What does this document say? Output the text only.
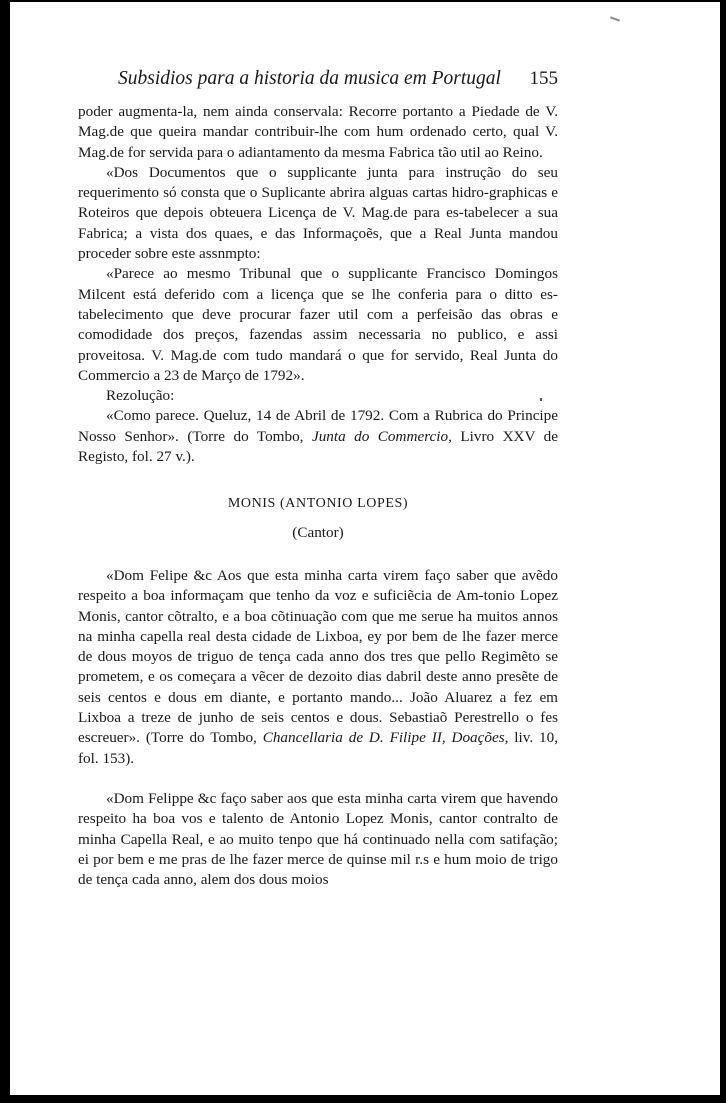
Subsidios para a historia da musica em Portugal 155

poder augmenta-la, nem ainda conservala: Recorre portanto a Piedade de V. Mag.de que queira mandar contribuir-lhe com hum ordenado certo, qual V. Mag.de for servida para o adiantamento da mesma Fabrica tão util ao Reino.

«Dos Documentos que o supplicante junta para instrução do seu requerimento só consta que o Suplicante abrira alguas cartas hidro-graphicas e Roteiros que depois obteuera Licença de V. Mag.de para es-tabelecer a sua Fabrica; a vista dos quaes, e das Informaçoẽs, que a Real Junta mandou proceder sobre este assnmpto:

«Parece ao mesmo Tribunal que o supplicante Francisco Domingos Milcent está deferido com a licença que se lhe conferia para o ditto es-tabelecimento que deve procurar fazer util com a perfeisão das obras e comodidade dos preços, fazendas assim necessaria no publico, e assi proveitosa. V. Mag.de com tudo mandará o que for servido, Real Junta do Commercio a 23 de Março de 1792».

Rezolução:

«Como parece. Queluz, 14 de Abril de 1792. Com a Rubrica do Principe Nosso Senhor». (Torre do Tombo, Junta do Commercio, Livro XXV de Registo, fol. 27 v.).

MONIS (ANTONIO LOPES)
(Cantor)

«Dom Felipe &c Aos que esta minha carta virem faço saber que avẽdo respeito a boa informaçam que tenho da voz e suficiẽcia de Am-tonio Lopez Monis, cantor cõtralto, e a boa cõtinuação com que me serue ha muitos annos na minha capella real desta cidade de Lixboa, ey por bem de lhe fazer merce de dous moyos de triguo de tença cada anno dos tres que pello Regimẽto se prometem, e os começara a vẽcer de dezoito dias dabril deste anno presẽte de seis centos e dous em diante, e portanto mando... João Aluarez a fez em Lixboa a treze de junho de seis centos e dous. Sebastiaõ Perestrello o fes escreuer». (Torre do Tombo, Chancellaria de D. Filipe II, Doações, liv. 10, fol. 153).

«Dom Felippe &c faço saber aos que esta minha carta virem que havendo respeito ha boa vos e talento de Antonio Lopez Monis, cantor contralto de minha Capella Real, e ao muito tenpo que há continuado nella com satifação; ei por bem e me pras de lhe fazer merce de quinse mil r.s e hum moio de trigo de tença cada anno, alem dos dous moios
